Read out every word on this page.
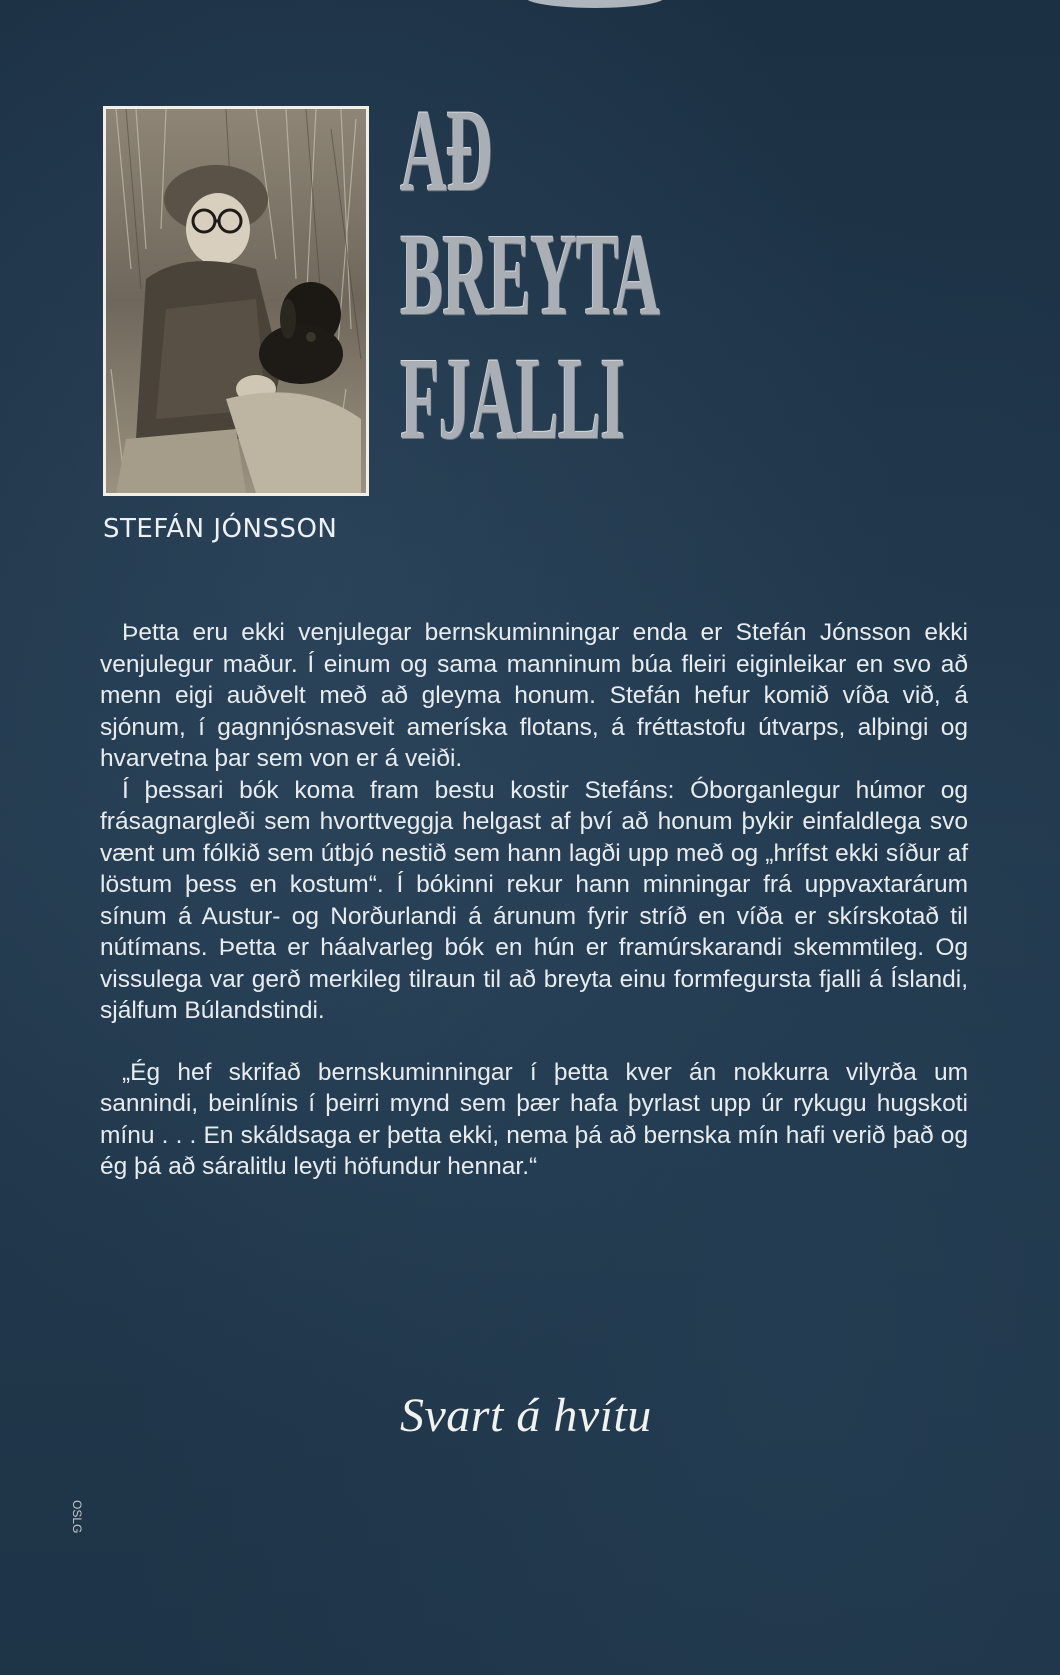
STEFÁN JÓNSSON
AÐ
BREYTA
FJALLI

Þetta eru ekki venjulegar bernskuminningar enda er Stefán Jónsson ekki venjulegur maður. Í einum og sama manninum búa fleiri eiginleikar en svo að menn eigi auðvelt með að gleyma honum. Stefán hefur komið víða við, á sjónum, í gagnnjósnasveit ameríska flotans, á fréttastofu útvarps, alþingi og hvarvetna þar sem von er á veiði.

Í þessari bók koma fram bestu kostir Stefáns: Óborganlegur húmor og frásagnargleði sem hvorttveggja helgast af því að honum þykir einfaldlega svo vænt um fólkið sem útbjó nestið sem hann lagði upp með og „hrífst ekki síður af löstum þess en kostum“. Í bókinni rekur hann minningar frá uppvaxtarárum sínum á Austur- og Norðurlandi á árunum fyrir stríð en víða er skírskotað til nútímans. Þetta er háalvarleg bók en hún er framúrskarandi skemmtileg. Og vissulega var gerð merkileg tilraun til að breyta einu formfegursta fjalli á Íslandi, sjálfum Búlandstindi.

„Ég hef skrifað bernskuminningar í þetta kver án nokkurra vilyrða um sannindi, beinlínis í þeirri mynd sem þær hafa þyrlast upp úr rykugu hugskoti mínu . . . En skáldsaga er þetta ekki, nema þá að bernska mín hafi verið það og ég þá að sáralitlu leyti höfundur hennar.“

Svart á hvítu
OSLG
